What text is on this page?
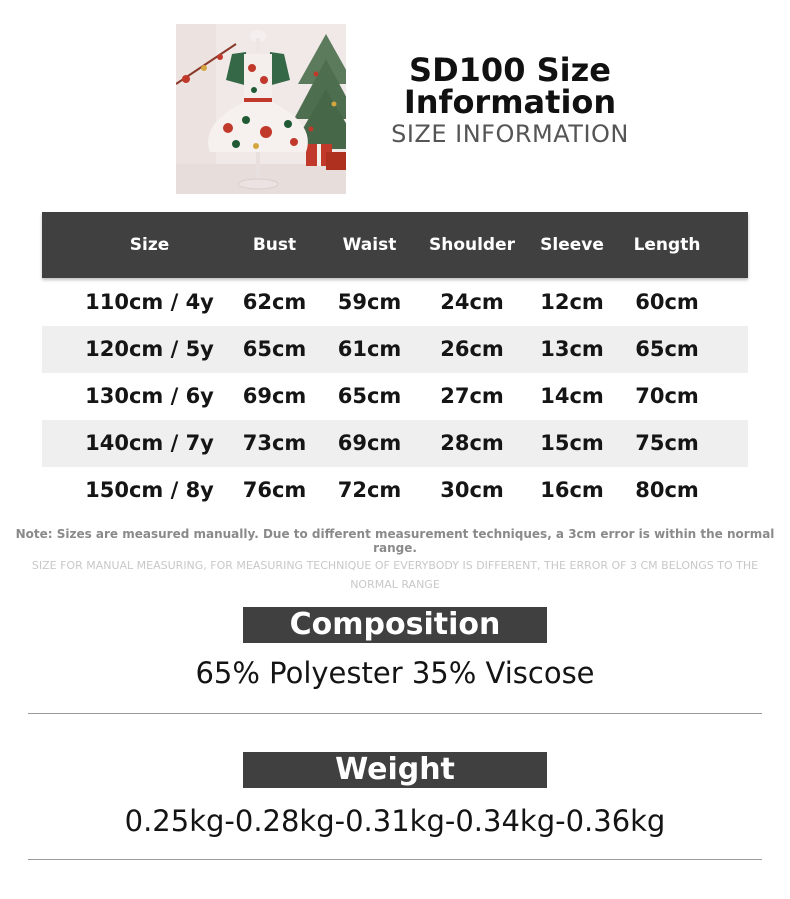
SD100 Size
Information
SIZE INFORMATION
Size	Bust	Waist	Shoulder	Sleeve	Length
110cm / 4y	62cm	59cm	24cm	12cm	60cm
120cm / 5y	65cm	61cm	26cm	13cm	65cm
130cm / 6y	69cm	65cm	27cm	14cm	70cm
140cm / 7y	73cm	69cm	28cm	15cm	75cm
150cm / 8y	76cm	72cm	30cm	16cm	80cm
Note: Sizes are measured manually. Due to different measurement techniques, a 3cm error is within the normal range.
SIZE FOR MANUAL MEASURING, FOR MEASURING TECHNIQUE OF EVERYBODY IS DIFFERENT, THE ERROR OF 3 CM BELONGS TO THE NORMAL RANGE
Composition
65% Polyester 35% Viscose
Weight
0.25kg-0.28kg-0.31kg-0.34kg-0.36kg
